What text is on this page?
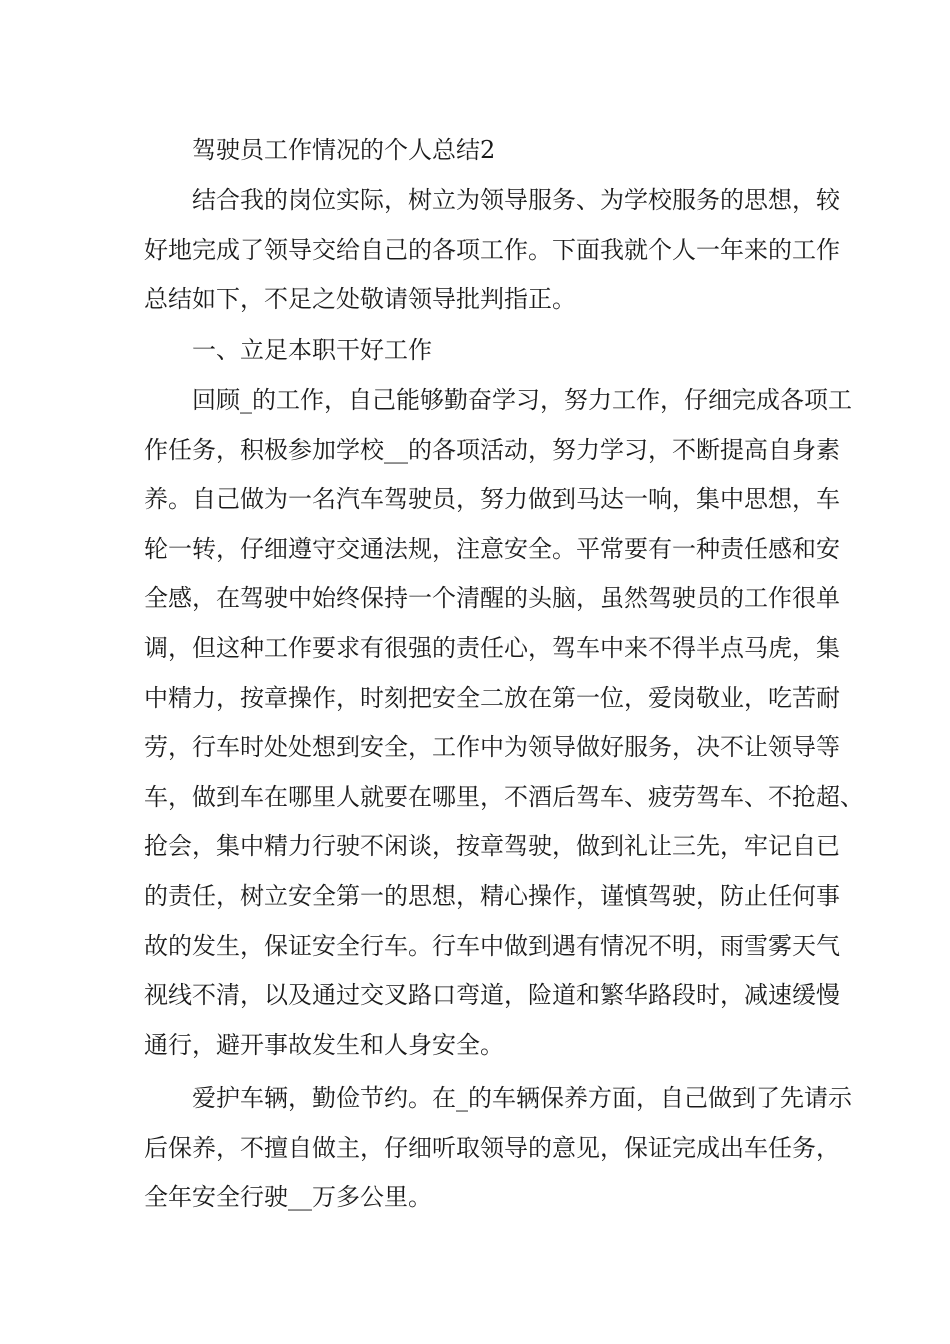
驾驶员工作情况的个人总结2
结合我的岗位实际，树立为领导服务、为学校服务的思想，较
好地完成了领导交给自己的各项工作。下面我就个人一年来的工作
总结如下，不足之处敬请领导批判指正。
一、立足本职干好工作
回顾_的工作，自己能够勤奋学习，努力工作，仔细完成各项工
作任务，积极参加学校__的各项活动，努力学习，不断提高自身素
养。自己做为一名汽车驾驶员，努力做到马达一响，集中思想，车
轮一转，仔细遵守交通法规，注意安全。平常要有一种责任感和安
全感，在驾驶中始终保持一个清醒的头脑，虽然驾驶员的工作很单
调，但这种工作要求有很强的责任心，驾车中来不得半点马虎，集
中精力，按章操作，时刻把安全二放在第一位，爱岗敬业，吃苦耐
劳，行车时处处想到安全，工作中为领导做好服务，决不让领导等
车，做到车在哪里人就要在哪里，不酒后驾车、疲劳驾车、不抢超、
抢会，集中精力行驶不闲谈，按章驾驶，做到礼让三先，牢记自已
的责任，树立安全第一的思想，精心操作，谨慎驾驶，防止任何事
故的发生，保证安全行车。行车中做到遇有情况不明，雨雪雾天气
视线不清，以及通过交叉路口弯道，险道和繁华路段时，减速缓慢
通行，避开事故发生和人身安全。
爱护车辆，勤俭节约。在_的车辆保养方面，自己做到了先请示
后保养，不擅自做主，仔细听取领导的意见，保证完成出车任务，
全年安全行驶__万多公里。
